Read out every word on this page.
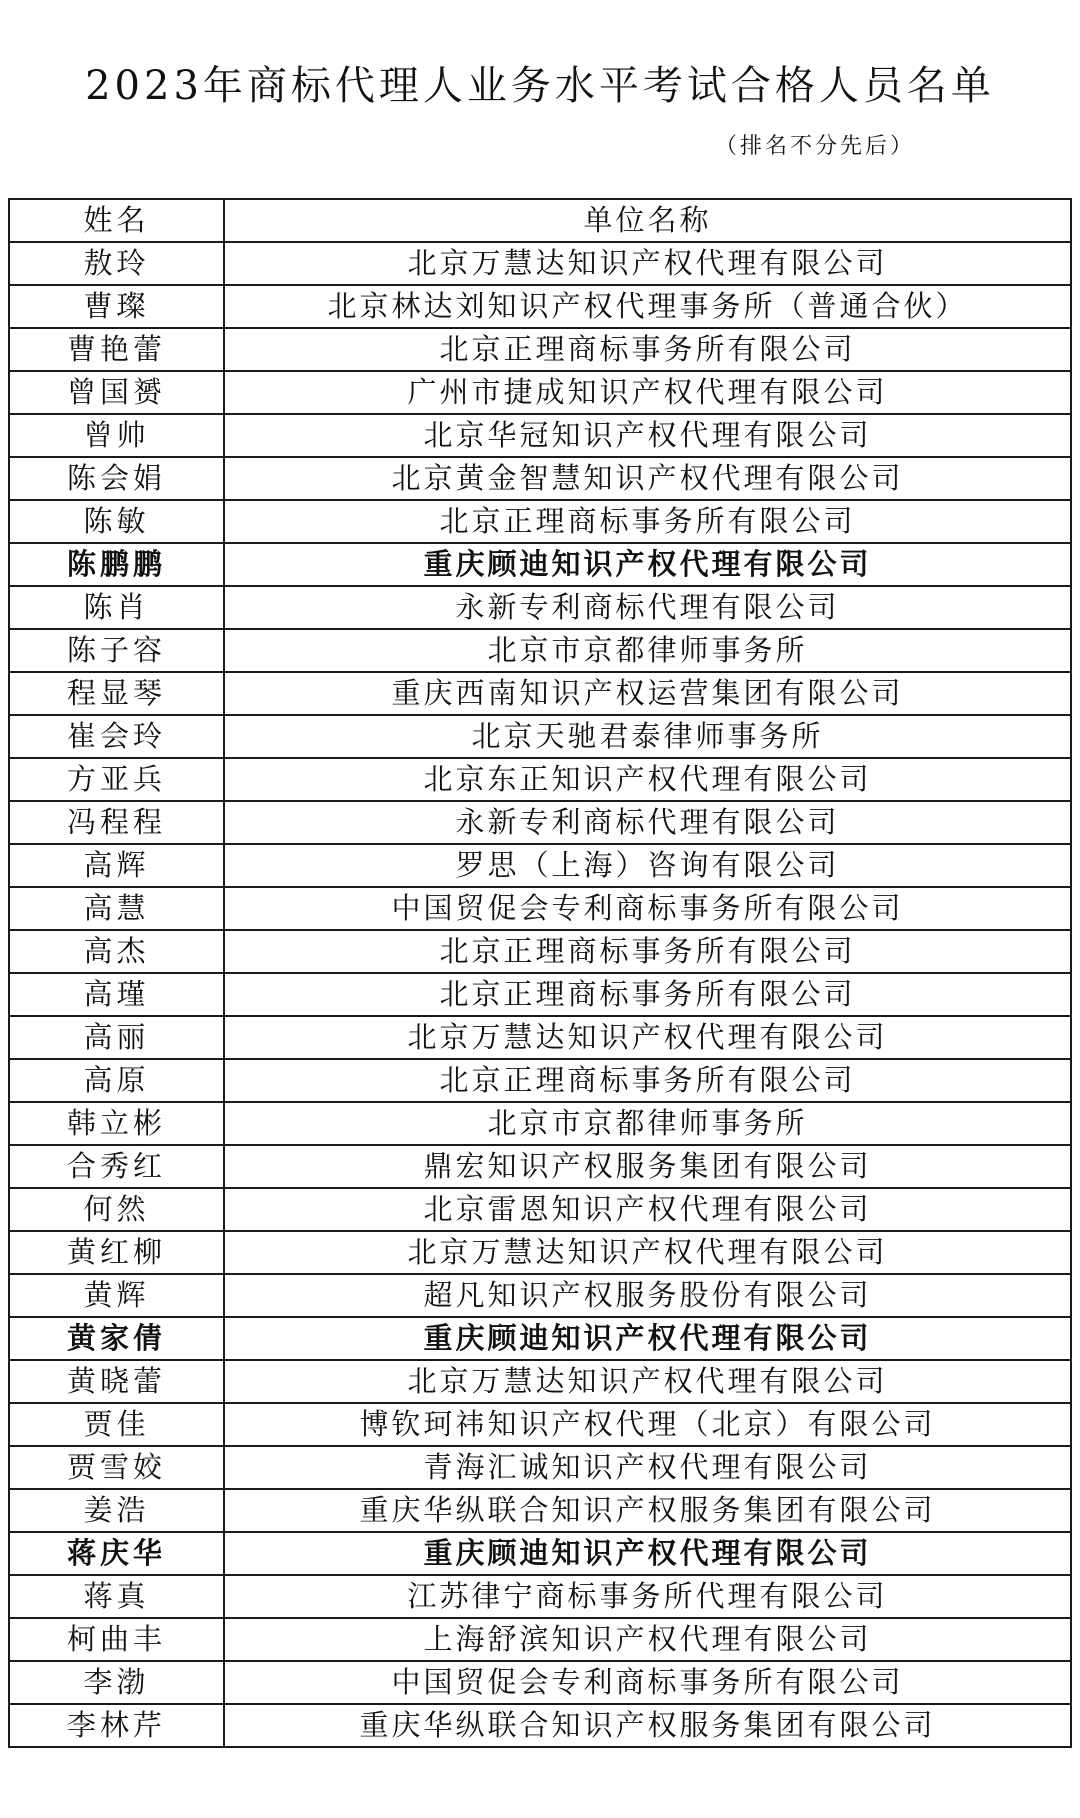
2023年商标代理人业务水平考试合格人员名单
（排名不分先后）
姓名	单位名称
敖玲	北京万慧达知识产权代理有限公司
曹璨	北京林达刘知识产权代理事务所（普通合伙）
曹艳蕾	北京正理商标事务所有限公司
曾国赟	广州市捷成知识产权代理有限公司
曾帅	北京华冠知识产权代理有限公司
陈会娟	北京黄金智慧知识产权代理有限公司
陈敏	北京正理商标事务所有限公司
陈鹏鹏	重庆顾迪知识产权代理有限公司
陈肖	永新专利商标代理有限公司
陈子容	北京市京都律师事务所
程显琴	重庆西南知识产权运营集团有限公司
崔会玲	北京天驰君泰律师事务所
方亚兵	北京东正知识产权代理有限公司
冯程程	永新专利商标代理有限公司
高辉	罗思（上海）咨询有限公司
高慧	中国贸促会专利商标事务所有限公司
高杰	北京正理商标事务所有限公司
高瑾	北京正理商标事务所有限公司
高丽	北京万慧达知识产权代理有限公司
高原	北京正理商标事务所有限公司
韩立彬	北京市京都律师事务所
合秀红	鼎宏知识产权服务集团有限公司
何然	北京雷恩知识产权代理有限公司
黄红柳	北京万慧达知识产权代理有限公司
黄辉	超凡知识产权服务股份有限公司
黄家倩	重庆顾迪知识产权代理有限公司
黄晓蕾	北京万慧达知识产权代理有限公司
贾佳	博钦珂祎知识产权代理（北京）有限公司
贾雪姣	青海汇诚知识产权代理有限公司
姜浩	重庆华纵联合知识产权服务集团有限公司
蒋庆华	重庆顾迪知识产权代理有限公司
蒋真	江苏律宁商标事务所代理有限公司
柯曲丰	上海舒滨知识产权代理有限公司
李渤	中国贸促会专利商标事务所有限公司
李林芹	重庆华纵联合知识产权服务集团有限公司
